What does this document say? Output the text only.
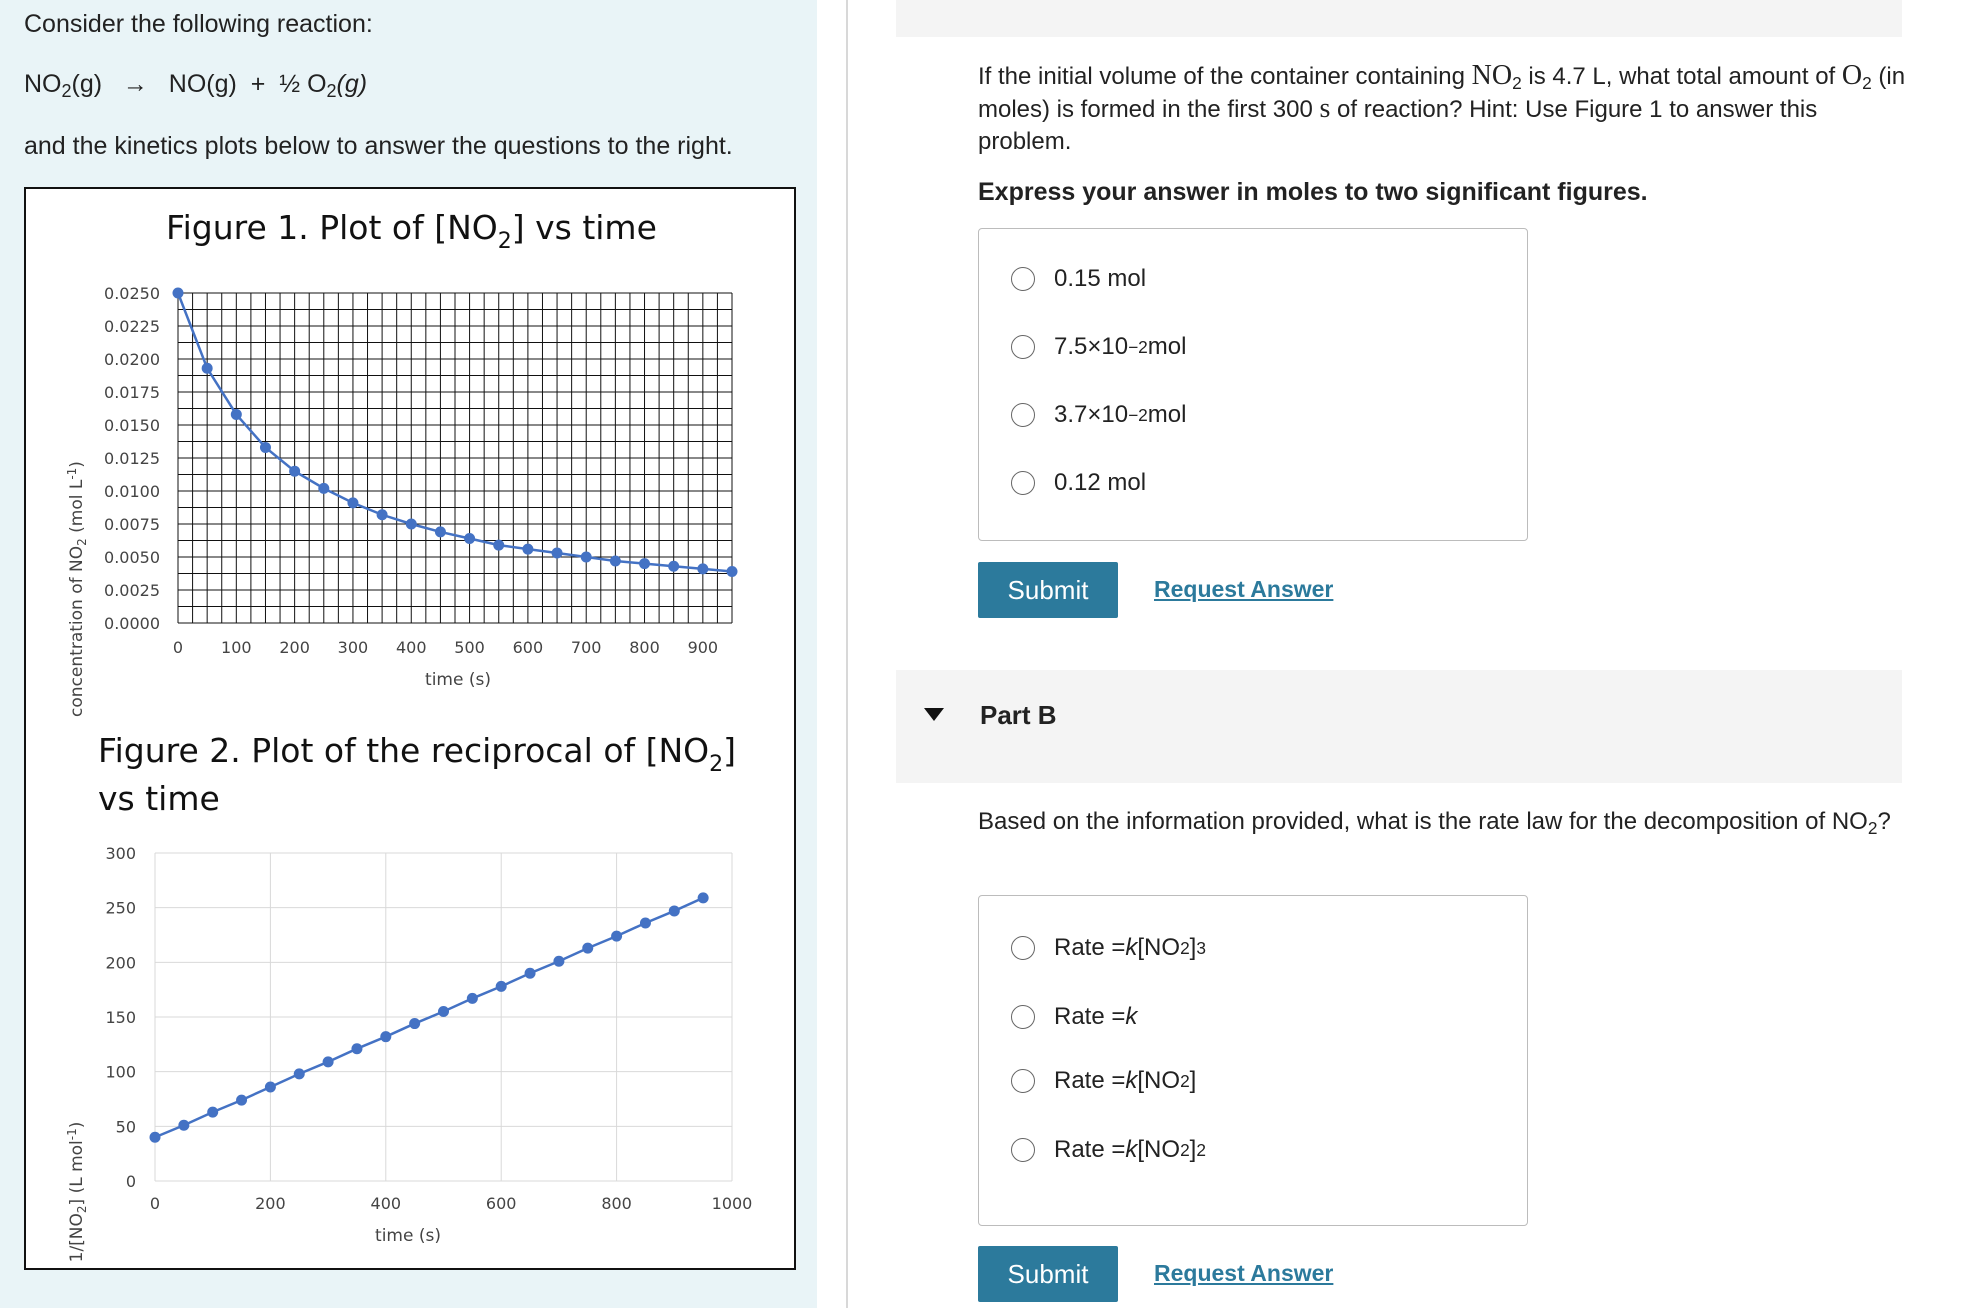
Consider the following reaction:

$NO_2(g) \to NO(g)$ + ½ $O_2(g)$

and the kinetics plots below to answer the questions to the right.

Figure 1. Plot of $[NO_2]$ vs time
concentration of $NO_2$ (mol $L^{-1}$)
time (s)
0.0000
0.0025
0.0050
0.0075
0.0100
0.0125
0.0150
0.0175
0.0200
0.0225
0.0250
0 100 200 300 400 500 600 700 800 900
Figure 2. Plot of the reciprocal of $[NO_2]$
vs time
$1/[NO_2]$ (L mol$^{-1}$)
time (s)
0
50
100
150
200
250
300
0	200	400	600	800	1000

If the initial volume of the container containing $NO_2$ is 4.7 L, what total amount of $O_2$ (in moles) is formed in the first 300 s of reaction? Hint: Use Figure 1 to answer this problem.

Express your answer in moles to two significant figures.

0.15 mol
7.5×10 −2 mol
3.7×10 −2 mol
0.12 mol
Submit	Request Answer
Part B

Based on the information provided, what is the rate law for the decomposition of $NO_2$?

Rate = k [NO 2 ] 3
Rate = k
Rate = k [NO 2 ]
Rate = k [NO 2 ] 2
Submit	Request Answer
